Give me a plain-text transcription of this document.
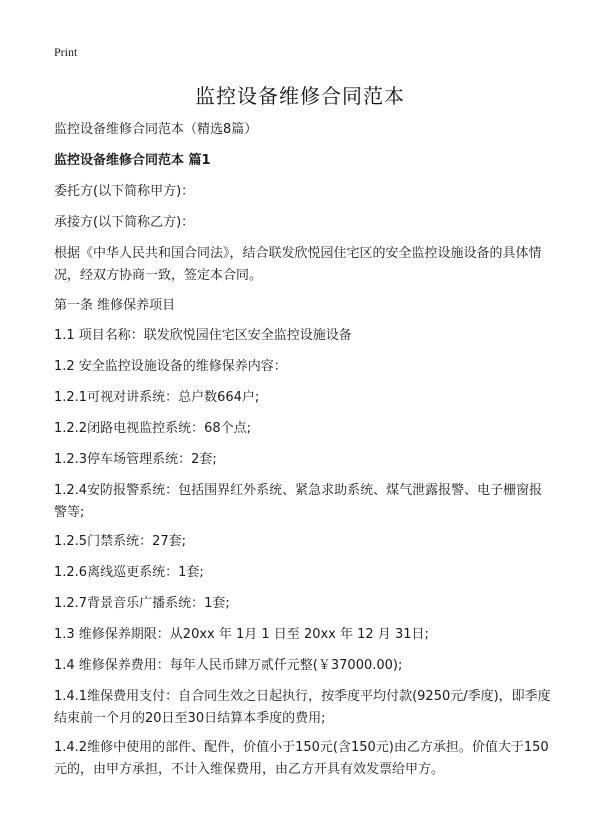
Print
监控设备维修合同范本
监控设备维修合同范本（精选8篇）
监控设备维修合同范本 篇1
委托方(以下简称甲方)：
承接方(以下简称乙方)：
根据《中华人民共和国合同法》，结合联发欣悦园住宅区的安全监控设施设备的具体情况，经双方协商一致，签定本合同。
第一条 维修保养项目
1.1 项目名称：联发欣悦园住宅区安全监控设施设备
1.2 安全监控设施设备的维修保养内容：
1.2.1可视对讲系统：总户数664户;
1.2.2闭路电视监控系统：68个点;
1.2.3停车场管理系统：2套;
1.2.4安防报警系统：包括围界红外系统、紧急求助系统、煤气泄露报警、电子栅窗报警等;
1.2.5门禁系统：27套;
1.2.6离线巡更系统：1套;
1.2.7背景音乐广播系统：1套;
1.3 维修保养期限：从20xx 年 1月 1 日至 20xx 年 12 月 31日;
1.4 维修保养费用：每年人民币肆万贰仟元整(￥37000.00);
1.4.1维保费用支付：自合同生效之日起执行，按季度平均付款(9250元/季度)，即季度结束前一个月的20日至30日结算本季度的费用;
1.4.2维修中使用的部件、配件，价值小于150元(含150元)由乙方承担。价值大于150 元的，由甲方承担，不计入维保费用，由乙方开具有效发票给甲方。
